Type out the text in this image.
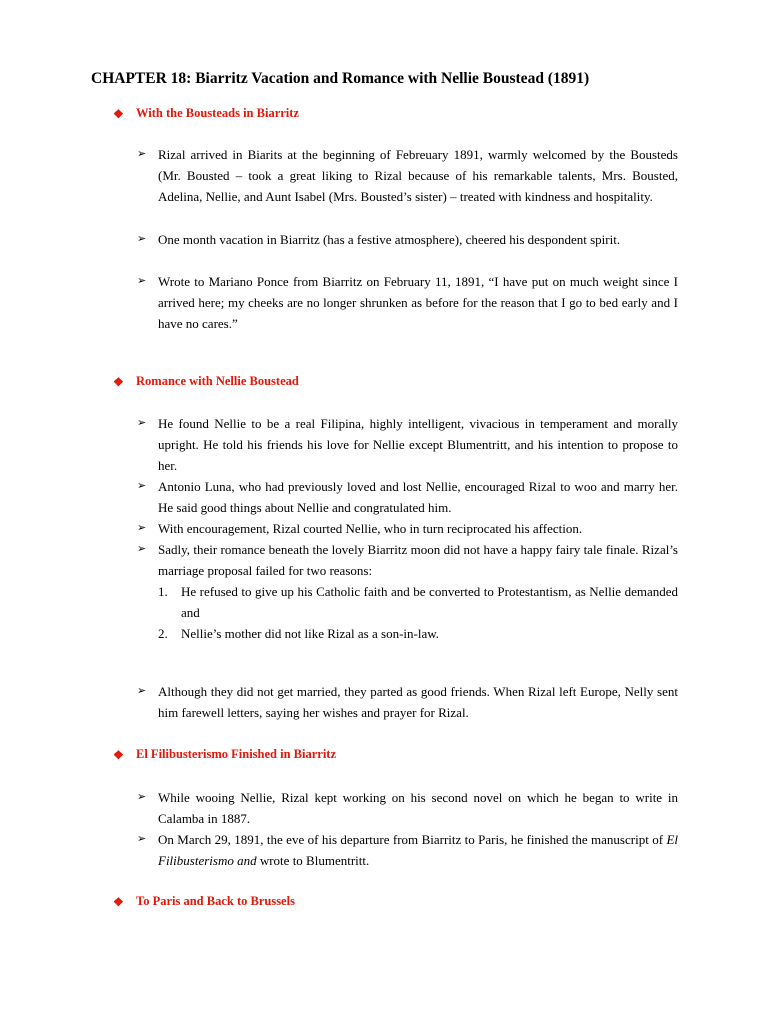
CHAPTER 18: Biarritz Vacation and Romance with Nellie Boustead (1891)
❖ With the Bousteads in Biarritz
➢ Rizal arrived in Biarits at the beginning of Febreuary 1891, warmly welcomed by the Bousteds (Mr. Bousted – took a great liking to Rizal because of his remarkable talents, Mrs. Bousted, Adelina, Nellie, and Aunt Isabel (Mrs. Bousted’s sister) – treated with kindness and hospitality.
➢ One month vacation in Biarritz (has a festive atmosphere), cheered his despondent spirit.
➢ Wrote to Mariano Ponce from Biarritz on February 11, 1891, “I have put on much weight since I arrived here; my cheeks are no longer shrunken as before for the reason that I go to bed early and I have no cares.”
❖ Romance with Nellie Boustead
➢ He found Nellie to be a real Filipina, highly intelligent, vivacious in temperament and morally upright. He told his friends his love for Nellie except Blumentritt, and his intention to propose to her.
➢ Antonio Luna, who had previously loved and lost Nellie, encouraged Rizal to woo and marry her. He said good things about Nellie and congratulated him.
➢ With encouragement, Rizal courted Nellie, who in turn reciprocated his affection.
➢ Sadly, their romance beneath the lovely Biarritz moon did not have a happy fairy tale finale. Rizal’s marriage proposal failed for two reasons:
1. He refused to give up his Catholic faith and be converted to Protestantism, as Nellie demanded and
2. Nellie’s mother did not like Rizal as a son-in-law.
➢ Although they did not get married, they parted as good friends. When Rizal left Europe, Nelly sent him farewell letters, saying her wishes and prayer for Rizal.
❖ El Filibusterismo Finished in Biarritz
➢ While wooing Nellie, Rizal kept working on his second novel on which he began to write in Calamba in 1887.
➢ On March 29, 1891, the eve of his departure from Biarritz to Paris, he finished the manuscript of El Filibusterismo and wrote to Blumentritt.
❖ To Paris and Back to Brussels
